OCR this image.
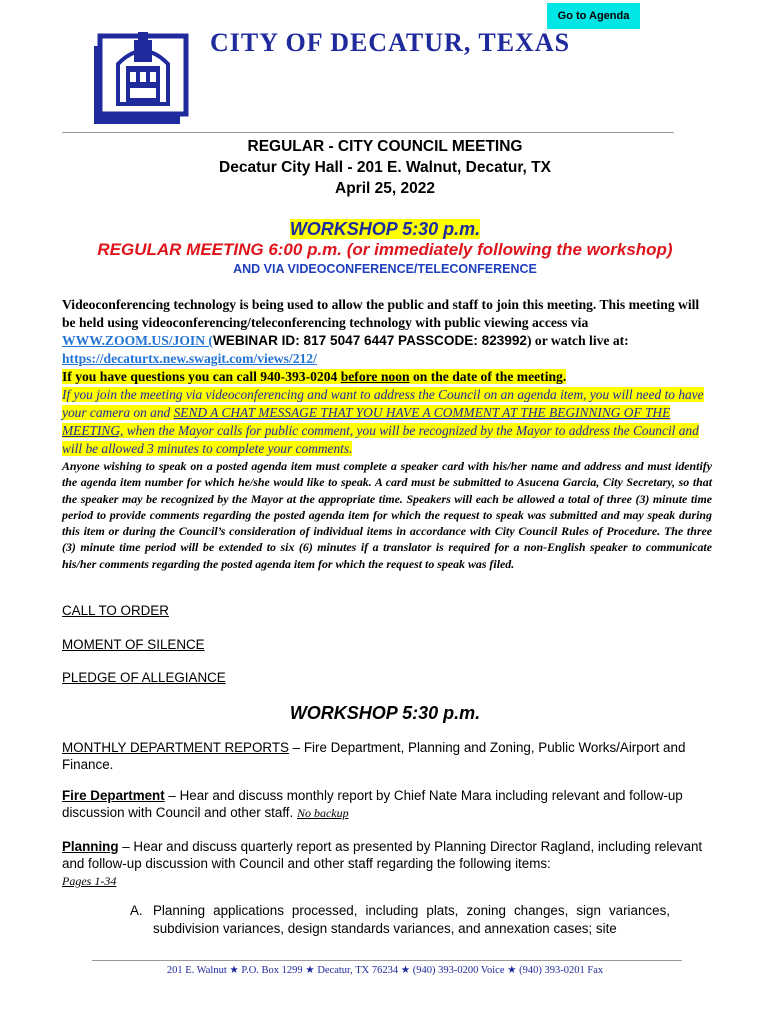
Go to Agenda
CITY OF DECATUR, TEXAS
REGULAR - CITY COUNCIL MEETING
Decatur City Hall - 201 E. Walnut, Decatur, TX
April 25, 2022
WORKSHOP 5:30 p.m.
REGULAR MEETING 6:00 p.m. (or immediately following the workshop)
AND VIA VIDEOCONFERENCE/TELECONFERENCE
Videoconferencing technology is being used to allow the public and staff to join this meeting. This meeting will be held using videoconferencing/teleconferencing technology with public viewing access via WWW.ZOOM.US/JOIN (WEBINAR ID: 817 5047 6447 PASSCODE: 823992) or watch live at: https://decaturtx.new.swagit.com/views/212/
If you have questions you can call 940-393-0204 before noon on the date of the meeting.
If you join the meeting via videoconferencing and want to address the Council on an agenda item, you will need to have your camera on and SEND A CHAT MESSAGE THAT YOU HAVE A COMMENT AT THE BEGINNING OF THE MEETING, when the Mayor calls for public comment, you will be recognized by the Mayor to address the Council and will be allowed 3 minutes to complete your comments.
Anyone wishing to speak on a posted agenda item must complete a speaker card with his/her name and address and must identify the agenda item number for which he/she would like to speak. A card must be submitted to Asucena Garcia, City Secretary, so that the speaker may be recognized by the Mayor at the appropriate time. Speakers will each be allowed a total of three (3) minute time period to provide comments regarding the posted agenda item for which the request to speak was submitted and may speak during this item or during the Council’s consideration of individual items in accordance with City Council Rules of Procedure. The three (3) minute time period will be extended to six (6) minutes if a translator is required for a non-English speaker to communicate his/her comments regarding the posted agenda item for which the request to speak was filed.
CALL TO ORDER
MOMENT OF SILENCE
PLEDGE OF ALLEGIANCE
WORKSHOP 5:30 p.m.
MONTHLY DEPARTMENT REPORTS – Fire Department, Planning and Zoning, Public Works/Airport and Finance.
Fire Department – Hear and discuss monthly report by Chief Nate Mara including relevant and follow-up discussion with Council and other staff. No backup
Planning – Hear and discuss quarterly report as presented by Planning Director Ragland, including relevant and follow-up discussion with Council and other staff regarding the following items:
Pages 1-34
A. Planning applications processed, including plats, zoning changes, sign variances, subdivision variances, design standards variances, and annexation cases; site
201 E. Walnut ★ P.O. Box 1299 ★ Decatur, TX 76234 ★ (940) 393-0200 Voice ★ (940) 393-0201 Fax
